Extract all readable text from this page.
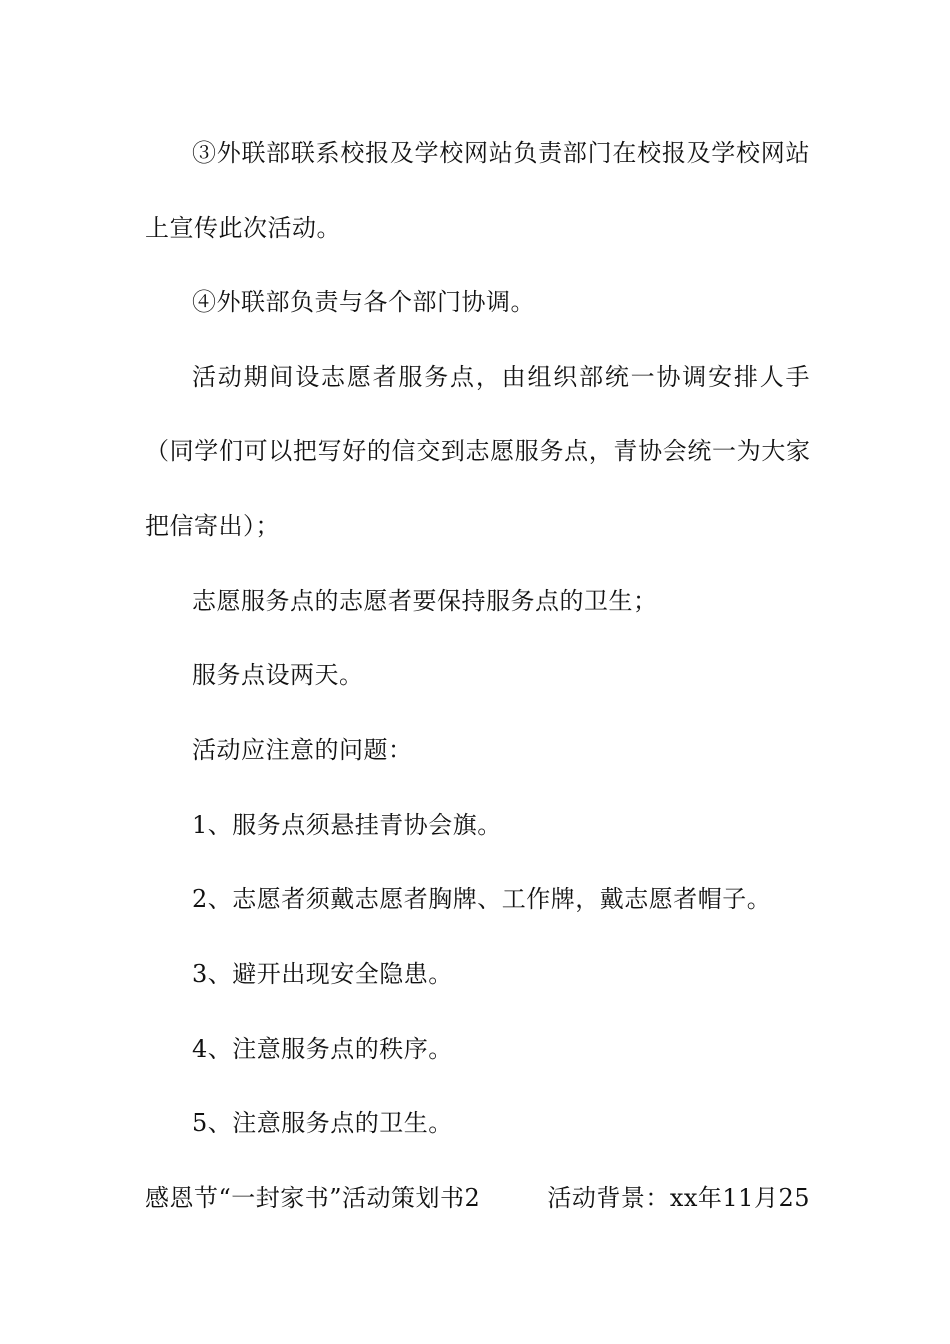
③外联部联系校报及学校网站负责部门在校报及学校网站
上宣传此次活动。
④外联部负责与各个部门协调。
活动期间设志愿者服务点，由组织部统一协调安排人手
（同学们可以把写好的信交到志愿服务点，青协会统一为大家
把信寄出）；
志愿服务点的志愿者要保持服务点的卫生；
服务点设两天。
活动应注意的问题：
1、服务点须悬挂青协会旗。
2、志愿者须戴志愿者胸牌、工作牌，戴志愿者帽子。
3、避开出现安全隐患。
4、注意服务点的秩序。
5、注意服务点的卫生。
感恩节“一封家书”活动策划书2	活动背景：xx年11月25
